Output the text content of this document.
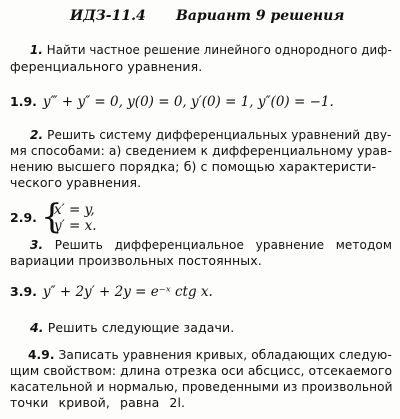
ИДЗ-11.4 Вариант 9 решения
1. Найти частное решение линейного однородного диф-
ференциального уравнения.
1.9. y‴ + y″ = 0, y(0) = 0, y′(0) = 1, y″(0) = −1.
2. Решить систему дифференциальных уравнений дву-
мя способами: а) сведением к дифференциальному урав-
нению высшего порядка; б) с помощью характеристи-
ческого уравнения.
2.9. {
x′ = y,
y′ = x.
3. Решить дифференциальное уравнение методом
вариации произвольных постоянных.
3.9. y″ + 2y′ + 2y = e⁻ˣ ctg x.
4. Решить следующие задачи.
4.9. Записать уравнения кривых, обладающих следую-
щим свойством: длина отрезка оси абсцисс, отсекаемого
касательной и нормалью, проведенными из произвольной
точки кривой, равна 2l.
